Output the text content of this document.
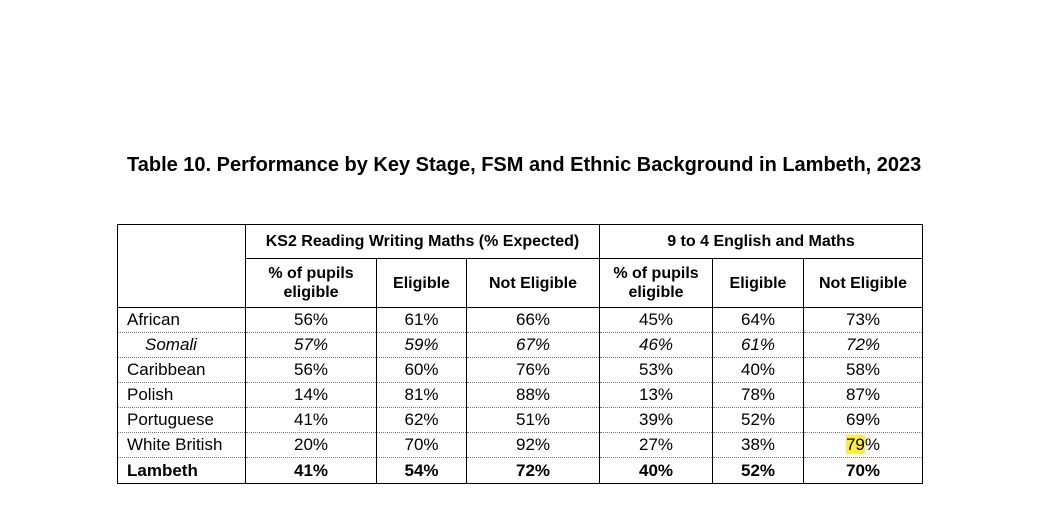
Table 10. Performance by Key Stage, FSM and Ethnic Background in Lambeth, 2023
	KS2 Reading Writing Maths (% Expected)			9 to 4 English and Maths		
	% of pupils eligible	Eligible	Not Eligible	% of pupils eligible	Eligible	Not Eligible
African	56%	61%	66%	45%	64%	73%
Somali	57%	59%	67%	46%	61%	72%
Caribbean	56%	60%	76%	53%	40%	58%
Polish	14%	81%	88%	13%	78%	87%
Portuguese	41%	62%	51%	39%	52%	69%
White British	20%	70%	92%	27%	38%	79%
Lambeth	41%	54%	72%	40%	52%	70%
